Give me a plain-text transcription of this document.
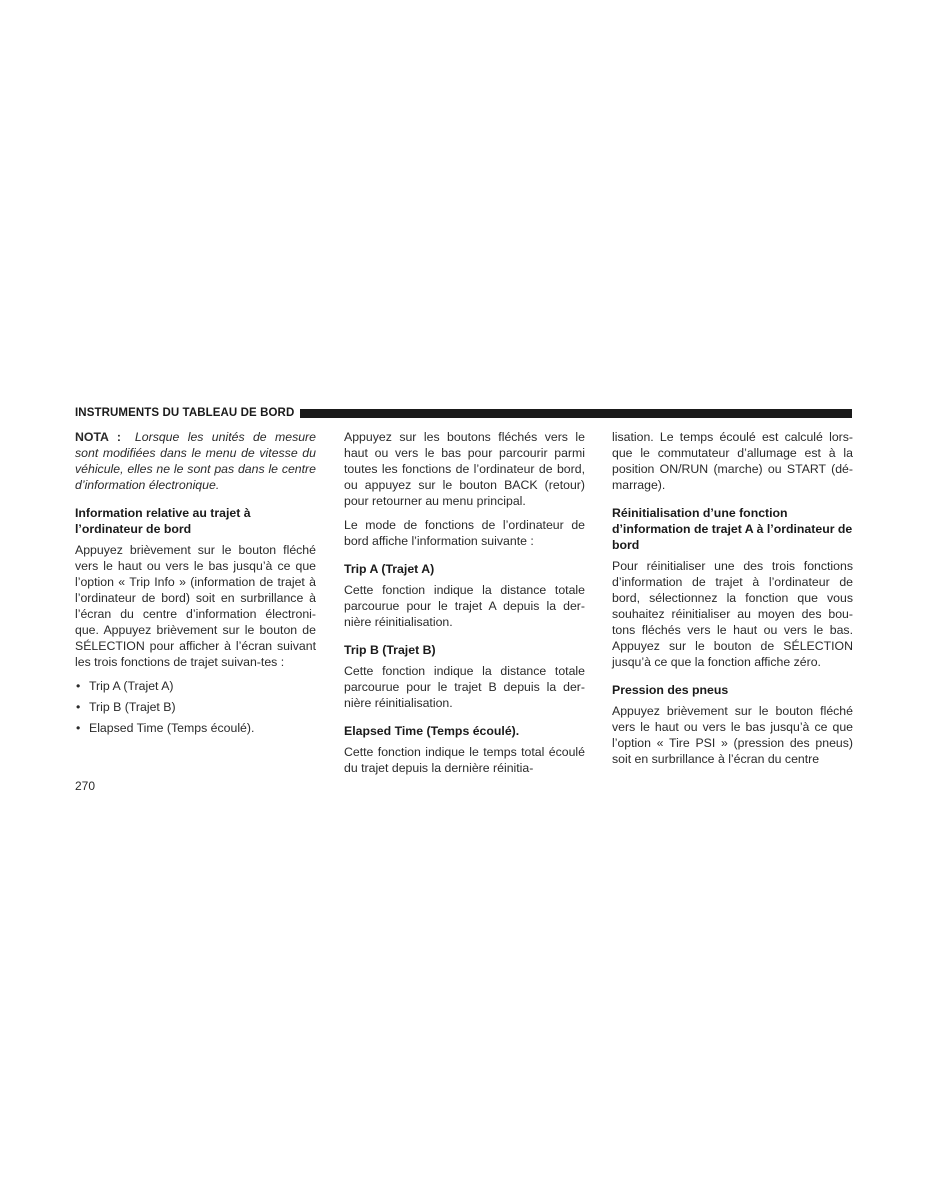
INSTRUMENTS DU TABLEAU DE BORD

NOTA : Lorsque les unités de mesure sont modifiées dans le menu de vitesse du véhicule, elles ne le sont pas dans le centre d’information électronique.

Information relative au trajet à l’ordinateur de bord

Appuyez brièvement sur le bouton fléché vers le haut ou vers le bas jusqu’à ce que l’option « Trip Info » (information de trajet à l’ordinateur de bord) soit en surbrillance à l’écran du centre d’information électroni-que. Appuyez brièvement sur le bouton de SÉLECTION pour afficher à l’écran suivant les trois fonctions de trajet suivan-tes :

• Trip A (Trajet A)
• Trip B (Trajet B)
• Elapsed Time (Temps écoulé).

Appuyez sur les boutons fléchés vers le haut ou vers le bas pour parcourir parmi toutes les fonctions de l’ordinateur de bord, ou appuyez sur le bouton BACK (retour) pour retourner au menu principal.

Le mode de fonctions de l’ordinateur de bord affiche l’information suivante :

Trip A (Trajet A)

Cette fonction indique la distance totale parcourue pour le trajet A depuis la der-nière réinitialisation.

Trip B (Trajet B)

Cette fonction indique la distance totale parcourue pour le trajet B depuis la der-nière réinitialisation.

Elapsed Time (Temps écoulé).

Cette fonction indique le temps total écoulé du trajet depuis la dernière réinitia-

lisation. Le temps écoulé est calculé lors-que le commutateur d’allumage est à la position ON/RUN (marche) ou START (dé-marrage).

Réinitialisation d’une fonction d’information de trajet A à l’ordinateur de bord

Pour réinitialiser une des trois fonctions d’information de trajet à l’ordinateur de bord, sélectionnez la fonction que vous souhaitez réinitialiser au moyen des bou-tons fléchés vers le haut ou vers le bas. Appuyez sur le bouton de SÉLECTION jusqu’à ce que la fonction affiche zéro.

Pression des pneus

Appuyez brièvement sur le bouton fléché vers le haut ou vers le bas jusqu’à ce que l’option « Tire PSI » (pression des pneus) soit en surbrillance à l’écran du centre

270
